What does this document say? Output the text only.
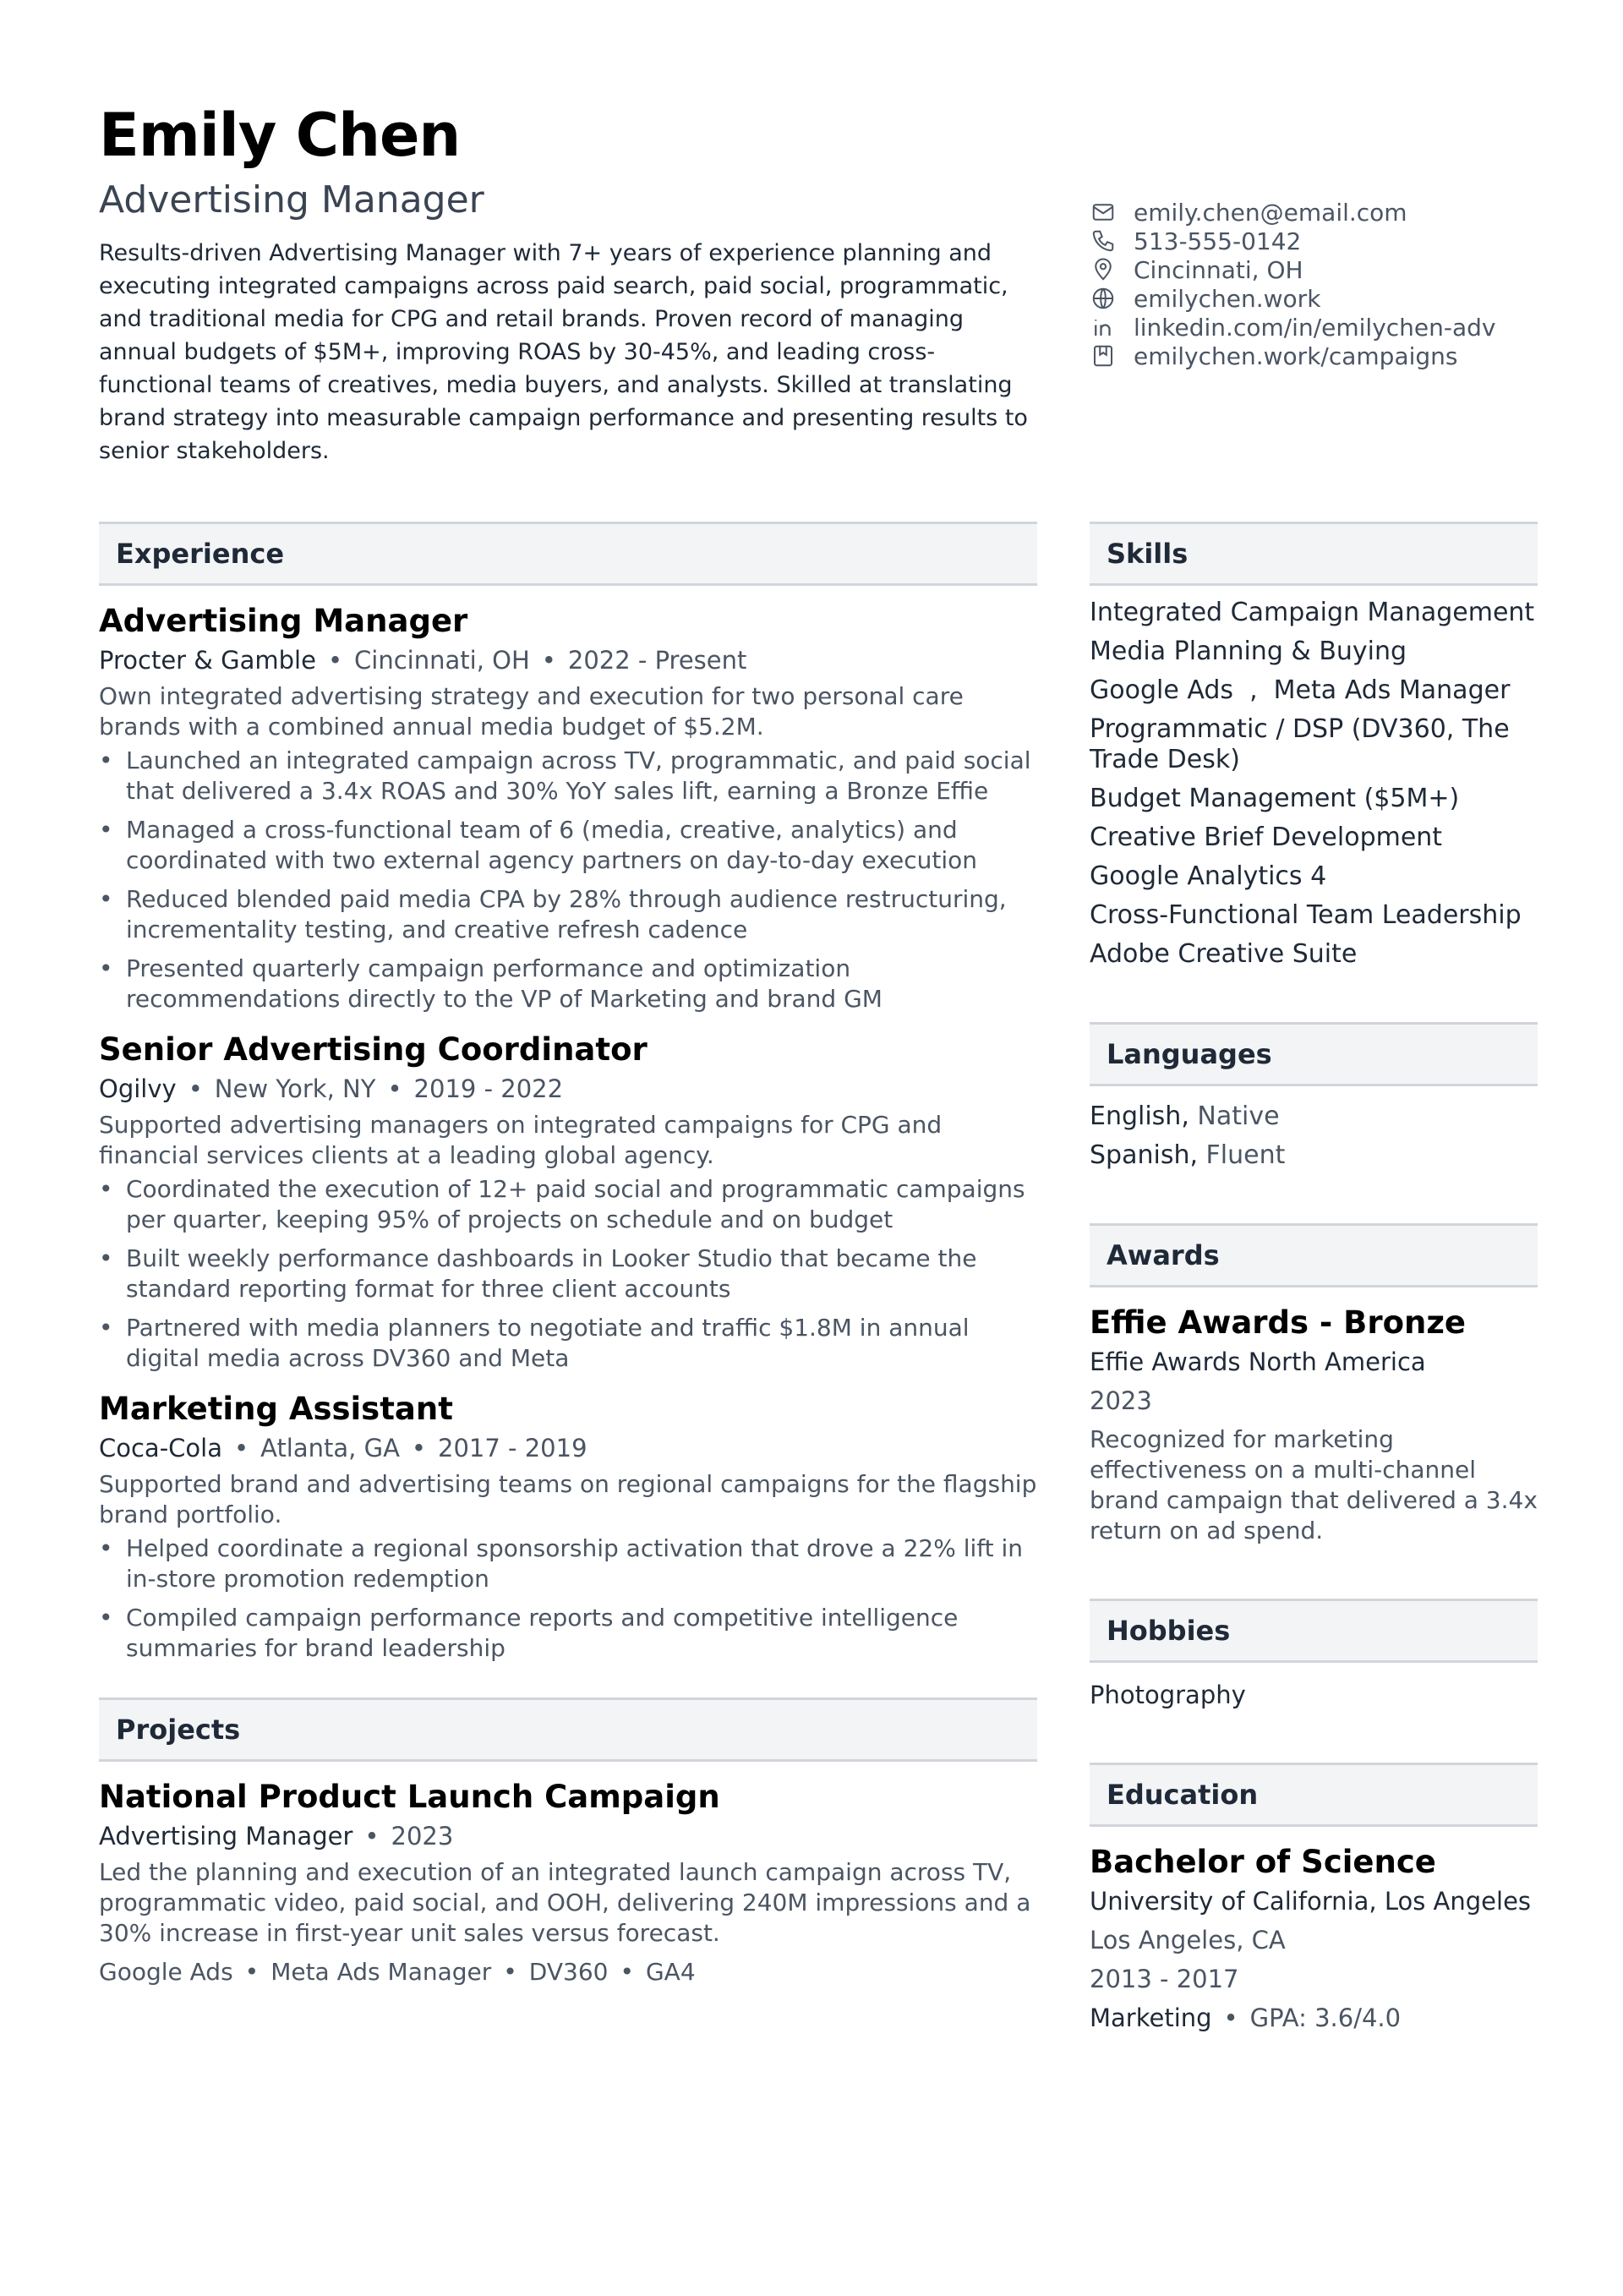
Emily Chen
Advertising Manager
Results-driven Advertising Manager with 7+ years of experience planning and executing integrated campaigns across paid search, paid social, programmatic, and traditional media for CPG and retail brands. Proven record of managing annual budgets of $5M+, improving ROAS by 30-45%, and leading cross-functional teams of creatives, media buyers, and analysts. Skilled at translating brand strategy into measurable campaign performance and presenting results to senior stakeholders.
emily.chen@email.com
513-555-0142
Cincinnati, OH
emilychen.work
linkedin.com/in/emilychen-adv
emilychen.work/campaigns
Experience
Advertising Manager
Procter & Gamble • Cincinnati, OH • 2022 - Present
Own integrated advertising strategy and execution for two personal care brands with a combined annual media budget of $5.2M.
• Launched an integrated campaign across TV, programmatic, and paid social that delivered a 3.4x ROAS and 30% YoY sales lift, earning a Bronze Effie
• Managed a cross-functional team of 6 (media, creative, analytics) and coordinated with two external agency partners on day-to-day execution
• Reduced blended paid media CPA by 28% through audience restructuring, incrementality testing, and creative refresh cadence
• Presented quarterly campaign performance and optimization recommendations directly to the VP of Marketing and brand GM
Senior Advertising Coordinator
Ogilvy • New York, NY • 2019 - 2022
Supported advertising managers on integrated campaigns for CPG and financial services clients at a leading global agency.
• Coordinated the execution of 12+ paid social and programmatic campaigns per quarter, keeping 95% of projects on schedule and on budget
• Built weekly performance dashboards in Looker Studio that became the standard reporting format for three client accounts
• Partnered with media planners to negotiate and traffic $1.8M in annual digital media across DV360 and Meta
Marketing Assistant
Coca-Cola • Atlanta, GA • 2017 - 2019
Supported brand and advertising teams on regional campaigns for the flagship brand portfolio.
• Helped coordinate a regional sponsorship activation that drove a 22% lift in in-store promotion redemption
• Compiled campaign performance reports and competitive intelligence summaries for brand leadership
Projects
National Product Launch Campaign
Advertising Manager • 2023
Led the planning and execution of an integrated launch campaign across TV, programmatic video, paid social, and OOH, delivering 240M impressions and a 30% increase in first-year unit sales versus forecast.
Google Ads • Meta Ads Manager • DV360 • GA4
Skills
Integrated Campaign Management
Media Planning & Buying
Google Ads  ,  Meta Ads Manager
Programmatic / DSP (DV360, The Trade Desk)
Budget Management ($5M+)
Creative Brief Development
Google Analytics 4
Cross-Functional Team Leadership
Adobe Creative Suite
Languages
English, Native
Spanish, Fluent
Awards
Effie Awards - Bronze
Effie Awards North America
2023
Recognized for marketing effectiveness on a multi-channel brand campaign that delivered a 3.4x return on ad spend.
Hobbies
Photography
Education
Bachelor of Science
University of California, Los Angeles
Los Angeles, CA
2013 - 2017
Marketing • GPA: 3.6/4.0
